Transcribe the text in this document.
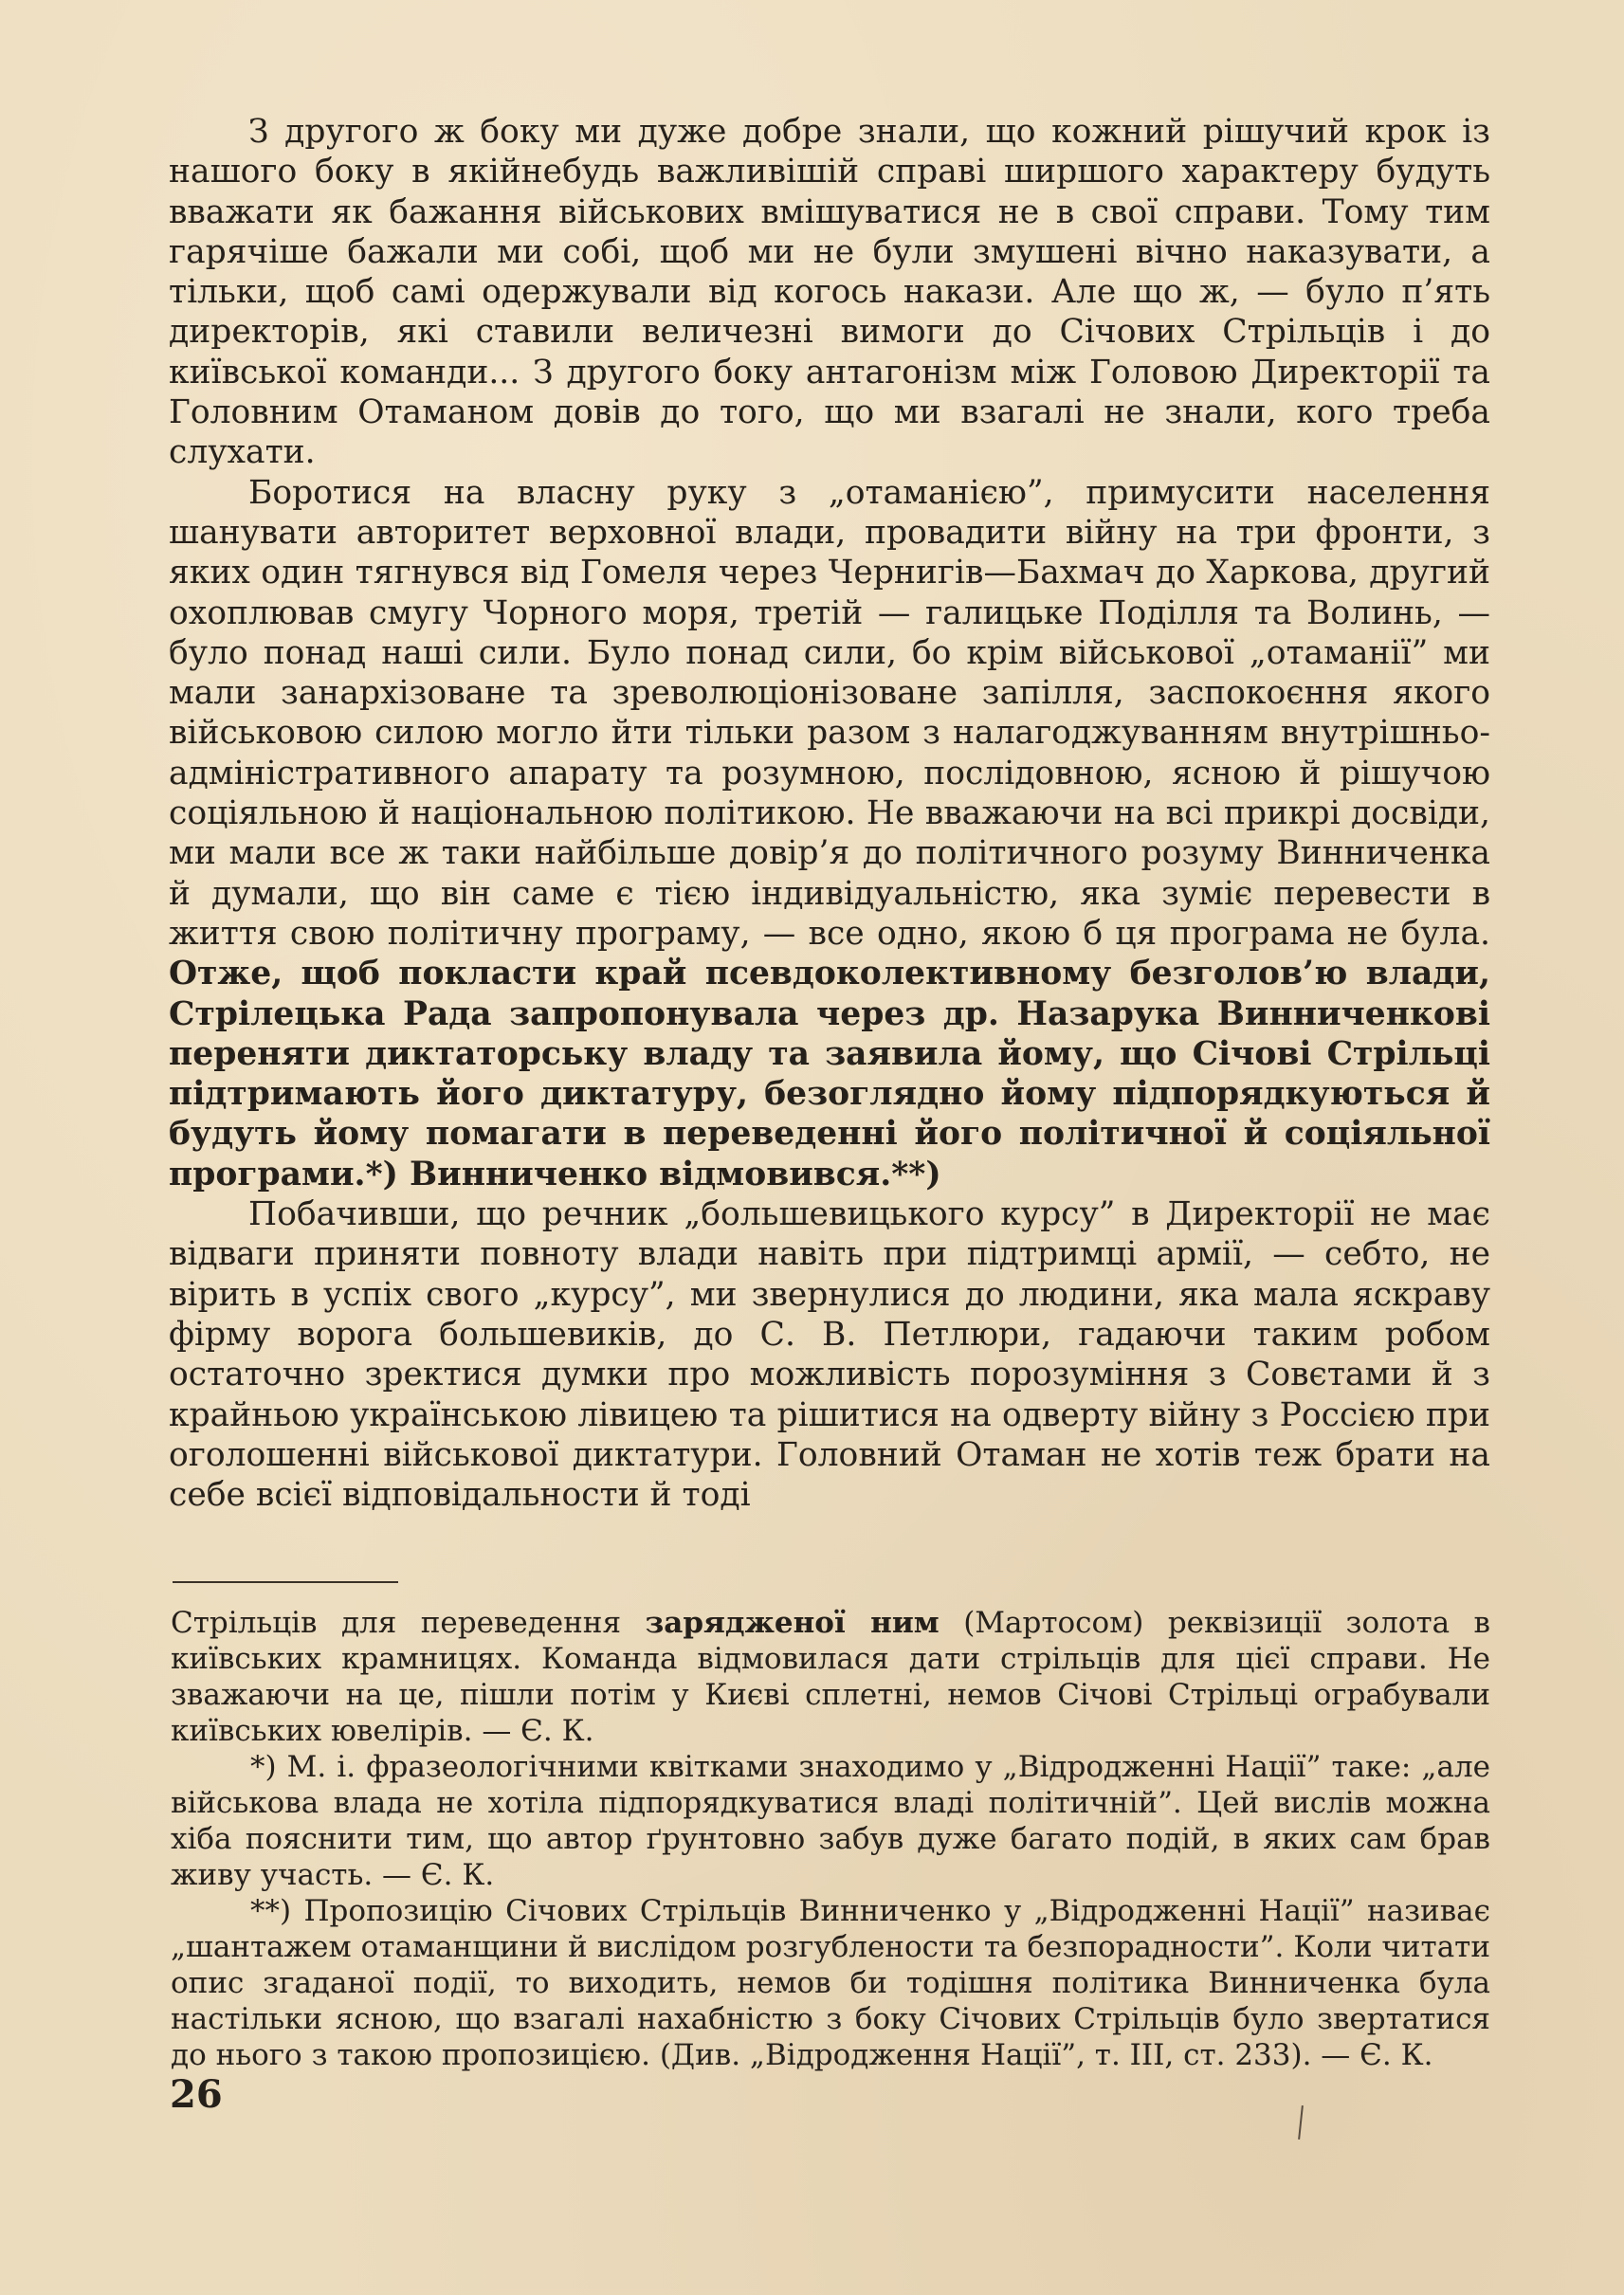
З другого ж боку ми дуже добре знали, що кожний рішучий крок із нашого боку в якійнебудь важливішій справі ширшого характеру будуть вважати як бажання військових вмішуватися не в свої справи. Тому тим гарячіше бажали ми собі, щоб ми не були змушені вічно наказувати, а тільки, щоб самі одержували від когось накази. Але що ж, — було п’ять директорів, які ставили величезні вимоги до Січових Стрільців і до київської команди... З другого боку антагонізм між Головою Директорії та Головним Отаманом довів до того, що ми взагалі не знали, кого треба слухати.

Боротися на власну руку з „отаманією”, примусити населення шанувати авторитет верховної влади, провадити війну на три фронти, з яких один тягнувся від Гомеля через Чернигів—Бахмач до Харкова, другий охоплював смугу Чорного моря, третій — галицьке Поділля та Волинь, — було понад наші сили. Було понад сили, бо крім військової „отаманії” ми мали занархізоване та зреволюціонізоване запілля, заспокоєння якого військовою силою могло йти тільки разом з налагоджуванням внутрішньо-адміністративного апарату та розумною, послідовною, ясною й рішучою соціяльною й національною політикою. Не вважаючи на всі прикрі досвіди, ми мали все ж таки найбільше довір’я до політичного розуму Винниченка й думали, що він саме є тією індивідуальністю, яка зуміє перевести в життя свою політичну програму, — все одно, якою б ця програма не була. Отже, щоб покласти край псевдоколективному безголов’ю влади, Стрілецька Рада запропонувала через др. Назарука Винниченкові переняти диктаторську владу та заявила йому, що Січові Стрільці підтримають його диктатуру, безоглядно йому підпорядкуються й будуть йому помагати в переведенні його політичної й соціяльної програми.*) Винниченко відмовився.**)

Побачивши, що речник „большевицького курсу” в Директорії не має відваги приняти повноту влади навіть при підтримці армії, — себто, не вірить в успіх свого „курсу”, ми звернулися до людини, яка мала яскраву фірму ворога большевиків, до С. В. Петлюри, гадаючи таким робом остаточно зректися думки про можливість порозуміння з Совєтами й з крайньою українською лівицею та рішитися на одверту війну з Россією при оголошенні військової диктатури. Головний Отаман не хотів теж брати на себе всієї відповідальности й тоді

Стрільців для переведення зарядженої ним (Мартосом) реквізиції золота в київських крамницях. Команда відмовилася дати стрільців для цієї справи. Не зважаючи на це, пішли потім у Києві сплетні, немов Січові Стрільці ограбували київських ювелірів. — Є. К.

*) М. і. фразеологічними квітками знаходимо у „Відродженні Нації” таке: „але військова влада не хотіла підпорядкуватися владі політичній”. Цей вислів можна хіба пояснити тим, що автор ґрунтовно забув дуже багато подій, в яких сам брав живу участь. — Є. К.

**) Пропозицію Січових Стрільців Винниченко у „Відродженні Нації” називає „шантажем отаманщини й вислідом розгублености та безпорадности”. Коли читати опис згаданої події, то виходить, немов би тодішня політика Винниченка була настільки ясною, що взагалі нахабністю з боку Січових Стрільців було звертатися до нього з такою пропозицією. (Див. „Відродження Нації”, т. III, ст. 233). — Є. К.

26
